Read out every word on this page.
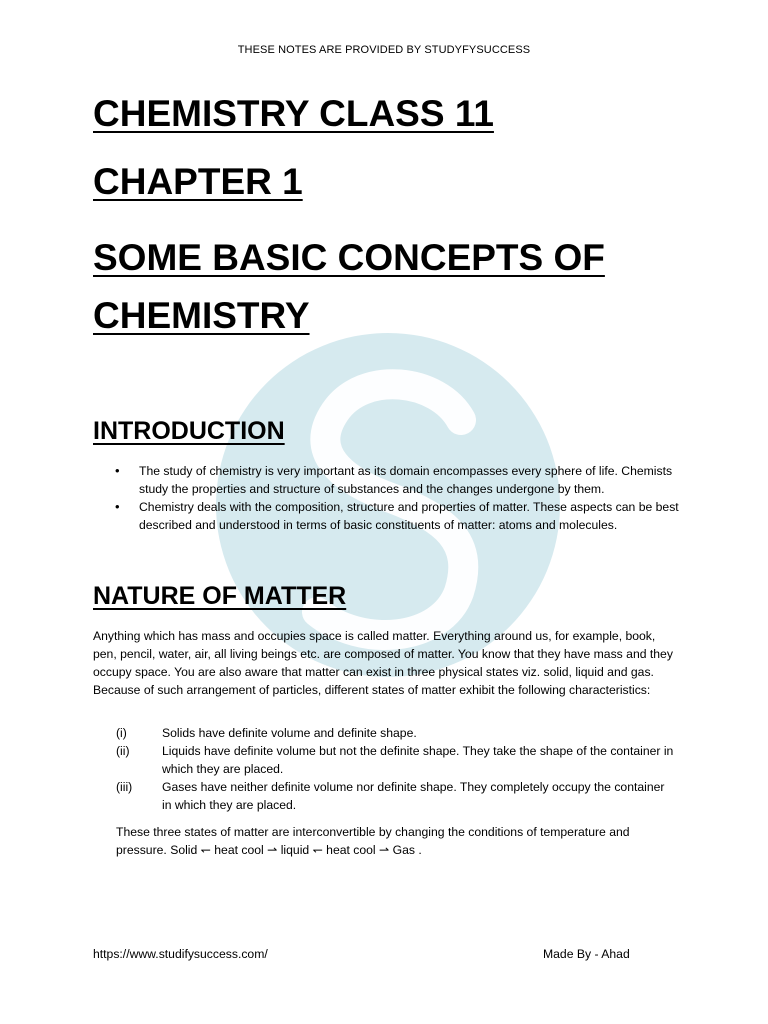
THESE NOTES ARE PROVIDED BY STUDYFYSUCCESS
CHEMISTRY CLASS 11
CHAPTER 1
SOME BASIC CONCEPTS OF CHEMISTRY
INTRODUCTION
• The study of chemistry is very important as its domain encompasses every sphere of life. Chemists study the properties and structure of substances and the changes undergone by them.
• Chemistry deals with the composition, structure and properties of matter. These aspects can be best described and understood in terms of basic constituents of matter: atoms and molecules.
NATURE OF MATTER

Anything which has mass and occupies space is called matter. Everything around us, for example, book, pen, pencil, water, air, all living beings etc. are composed of matter. You know that they have mass and they occupy space. You are also aware that matter can exist in three physical states viz. solid, liquid and gas. Because of such arrangement of particles, different states of matter exhibit the following characteristics:

(i)	Solids have definite volume and definite shape.
(ii)	Liquids have definite volume but not the definite shape. They take the shape of the container in which they are placed.
(iii) Gases have neither definite volume nor definite shape. They completely occupy the container in which they are placed.

These three states of matter are interconvertible by changing the conditions of temperature and pressure. Solid ↽ heat cool ⇀ liquid ↽ heat cool ⇀ Gas .

https://www.studifysuccess.com/	Made By - Ahad
